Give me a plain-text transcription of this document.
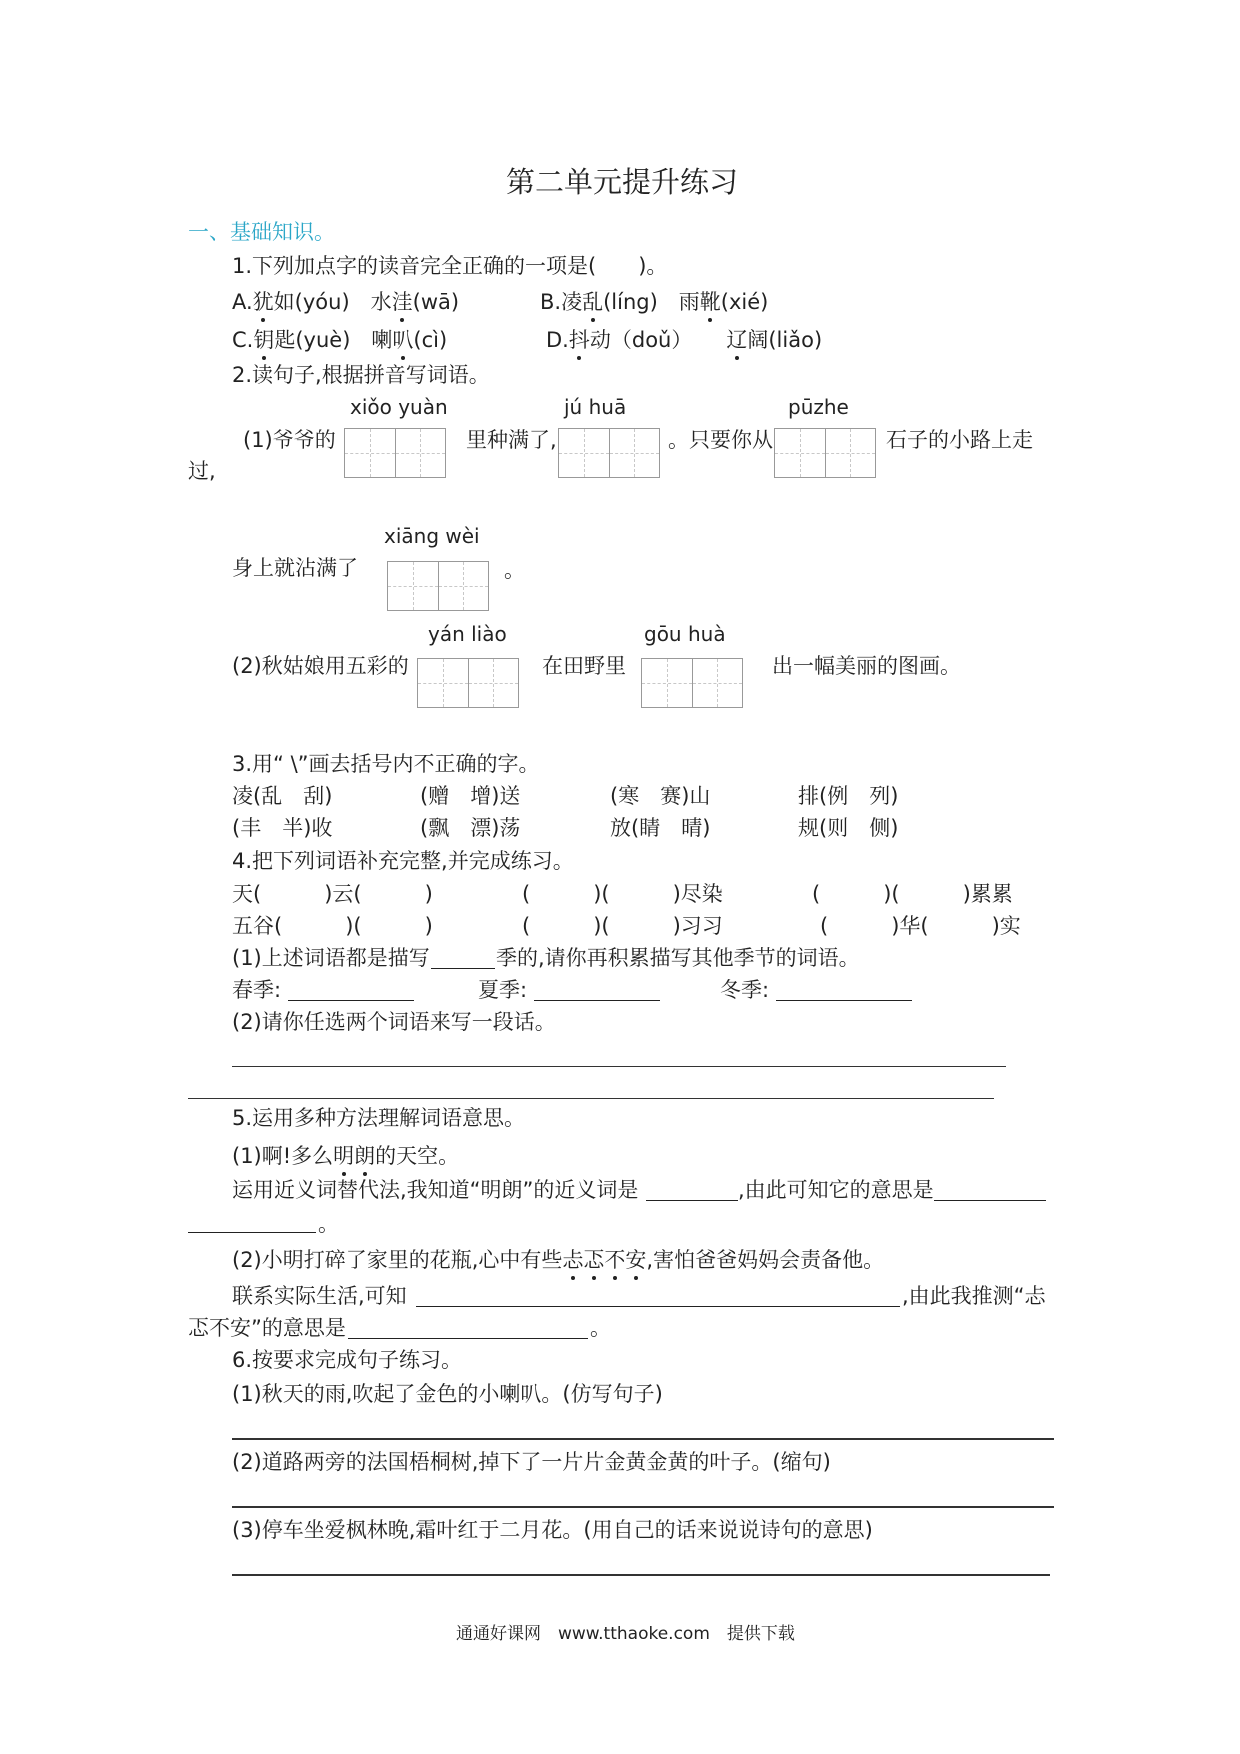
第二单元提升练习
一、基础知识。
1.下列加点字的读音完全正确的一项是(　　)。
A.犹如(yóu)　水洼(wā)	B.凌乱(líng)　雨靴(xié)
C.钥匙(yuè)　喇叭(cì)	D.抖动（doǔ） 辽阔(liǎo)
2.读句子,根据拼音写词语。
xiǒo yuàn	jú huā	pūzhe
(1)爷爷的	里种满了,	。只要你从	石子的小路上走
过,
xiāng wèi
身上就沾满了	。
yán liào	gōu huà
(2)秋姑娘用五彩的	在田野里	出一幅美丽的图画。
3.用“ \”画去括号内不正确的字。
凌(乱　刮)	(赠　增)送	(寒　赛)山	排(例　列)
(丰　半)收	(飘　漂)荡	放(睛　晴)	规(则　侧)
4.把下列词语补充完整,并完成练习。
天(　　　)云(　　　)	(　　　)(　　　)尽染	(　　　)(　　　)累累
五谷(　　　)(　　　)	(　　　)(　　　)习习	(　　　)华(　　　)实
(1)上述词语都是描写	季的,请你再积累描写其他季节的词语。
春季:	夏季:	冬季:
(2)请你任选两个词语来写一段话。
5.运用多种方法理解词语意思。
(1)啊!多么明朗的天空。
运用近义词替代法,我知道“明朗”的近义词是	,由此可知它的意思是
。
(2)小明打碎了家里的花瓶,心中有些忐忑不安,害怕爸爸妈妈会责备他。
联系实际生活,可知	,由此我推测“忐
忑不安”的意思是	。
6.按要求完成句子练习。
(1)秋天的雨,吹起了金色的小喇叭。(仿写句子)
(2)道路两旁的法国梧桐树,掉下了一片片金黄金黄的叶子。(缩句)
(3)停车坐爱枫林晚,霜叶红于二月花。(用自己的话来说说诗句的意思)
通通好课网　www.tthaoke.com　提供下载
